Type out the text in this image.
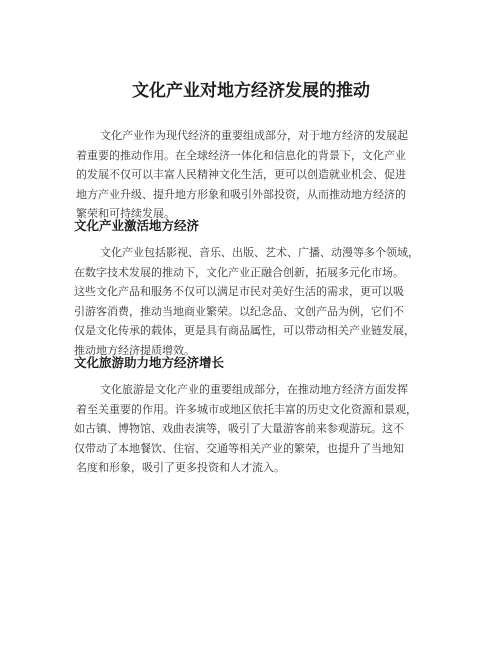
文化产业对地方经济发展的推动
文化产业作为现代经济的重要组成部分，对于地方经济的发展起
着重要的推动作用。在全球经济一体化和信息化的背景下，文化产业
的发展不仅可以丰富人民精神文化生活，更可以创造就业机会、促进
地方产业升级、提升地方形象和吸引外部投资，从而推动地方经济的
繁荣和可持续发展。
文化产业激活地方经济
文化产业包括影视、音乐、出版、艺术、广播、动漫等多个领域，
在数字技术发展的推动下，文化产业正融合创新，拓展多元化市场。
这些文化产品和服务不仅可以满足市民对美好生活的需求，更可以吸
引游客消费，推动当地商业繁荣。以纪念品、文创产品为例，它们不
仅是文化传承的载体，更是具有商品属性，可以带动相关产业链发展，
推动地方经济提质增效。
文化旅游助力地方经济增长
文化旅游是文化产业的重要组成部分，在推动地方经济方面发挥
着至关重要的作用。许多城市或地区依托丰富的历史文化资源和景观，
如古镇、博物馆、戏曲表演等，吸引了大量游客前来参观游玩。这不
仅带动了本地餐饮、住宿、交通等相关产业的繁荣，也提升了当地知
名度和形象，吸引了更多投资和人才流入。
